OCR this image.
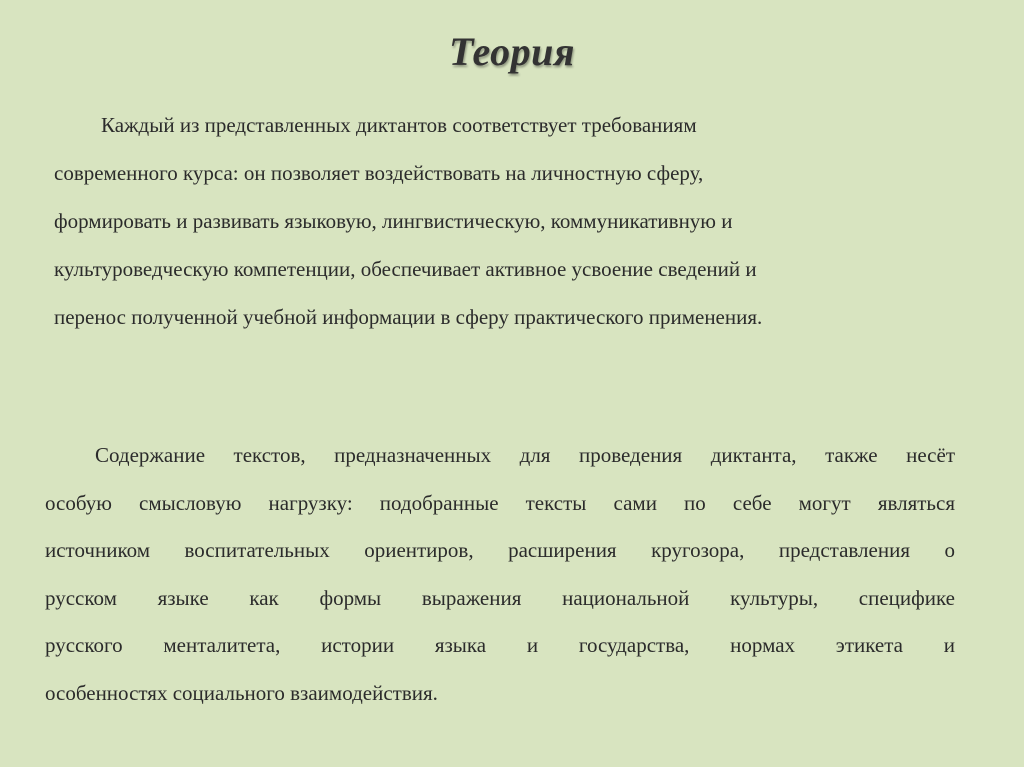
Теория
Каждый из представленных диктантов соответствует требованиям
современного курса: он позволяет воздействовать на личностную сферу,
формировать и развивать языковую, лингвистическую, коммуникативную и
культуроведческую компетенции, обеспечивает активное усвоение сведений и
перенос полученной учебной информации в сферу практического применения.
Содержание текстов, предназначенных для проведения диктанта, также несёт
особую смысловую нагрузку: подобранные тексты сами по себе могут являться
источником воспитательных ориентиров, расширения кругозора, представления о
русском языке как формы выражения национальной культуры, специфике
русского менталитета, истории языка и государства, нормах этикета и
особенностях социального взаимодействия.
